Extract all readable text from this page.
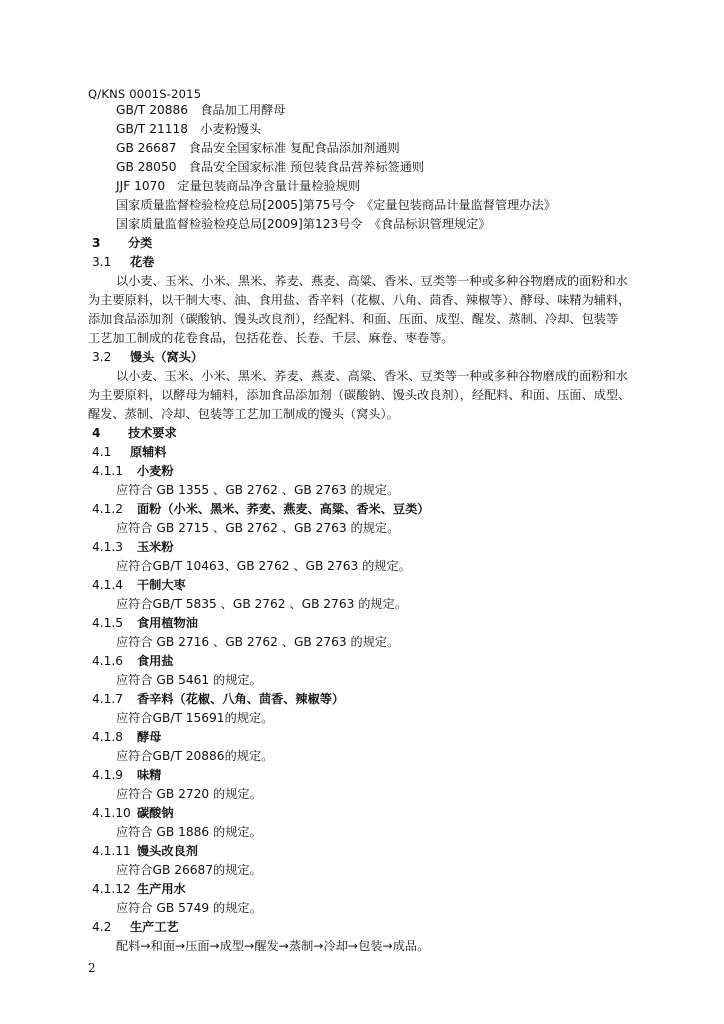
Q/KNS 0001S-2015
GB/T 20886　食品加工用酵母
GB/T 21118　小麦粉馒头
GB 26687　食品安全国家标准 复配食品添加剂通则
GB 28050　食品安全国家标准 预包装食品营养标签通则
JJF 1070　定量包装商品净含量计量检验规则
国家质量监督检验检疫总局[2005]第75号令　《定量包装商品计量监督管理办法》
国家质量监督检验检疫总局[2009]第123号令　《食品标识管理规定》
3 分类
3.1 花卷
以小麦、玉米、小米、黑米、荞麦、燕麦、高粱、香米、豆类等一种或多种谷物磨成的面粉和水
为主要原料，以干制大枣、油、食用盐、香辛料（花椒、八角、茴香、辣椒等）、酵母、味精为辅料，
添加食品添加剂（碳酸钠、馒头改良剂），经配料、和面、压面、成型、醒发、蒸制、冷却、包装等
工艺加工制成的花卷食品，包括花卷、长卷、千层、麻卷、枣卷等。
3.2 馒头（窝头）
以小麦、玉米、小米、黑米、荞麦、燕麦、高粱、香米、豆类等一种或多种谷物磨成的面粉和水
为主要原料，以酵母为辅料，添加食品添加剂（碳酸钠、馒头改良剂），经配料、和面、压面、成型、
醒发、蒸制、冷却、包装等工艺加工制成的馒头（窝头）。
4 技术要求
4.1 原辅料
4.1.1 小麦粉
应符合 GB 1355 、GB 2762 、GB 2763 的规定。
4.1.2 面粉（小米、黑米、荞麦、燕麦、高粱、香米、豆类）
应符合 GB 2715 、GB 2762 、GB 2763 的规定。
4.1.3 玉米粉
应符合GB/T 10463、GB 2762 、GB 2763 的规定。
4.1.4 干制大枣
应符合GB/T 5835 、GB 2762 、GB 2763 的规定。
4.1.5 食用植物油
应符合 GB 2716 、GB 2762 、GB 2763 的规定。
4.1.6 食用盐
应符合 GB 5461 的规定。
4.1.7 香辛料（花椒、八角、茴香、辣椒等）
应符合GB/T 15691的规定。
4.1.8 酵母
应符合GB/T 20886的规定。
4.1.9 味精
应符合 GB 2720 的规定。
4.1.10 碳酸钠
应符合 GB 1886 的规定。
4.1.11 馒头改良剂
应符合GB 26687的规定。
4.1.12 生产用水
应符合 GB 5749 的规定。
4.2 生产工艺
配料→和面→压面→成型→醒发→蒸制→冷却→包装→成品。
2
